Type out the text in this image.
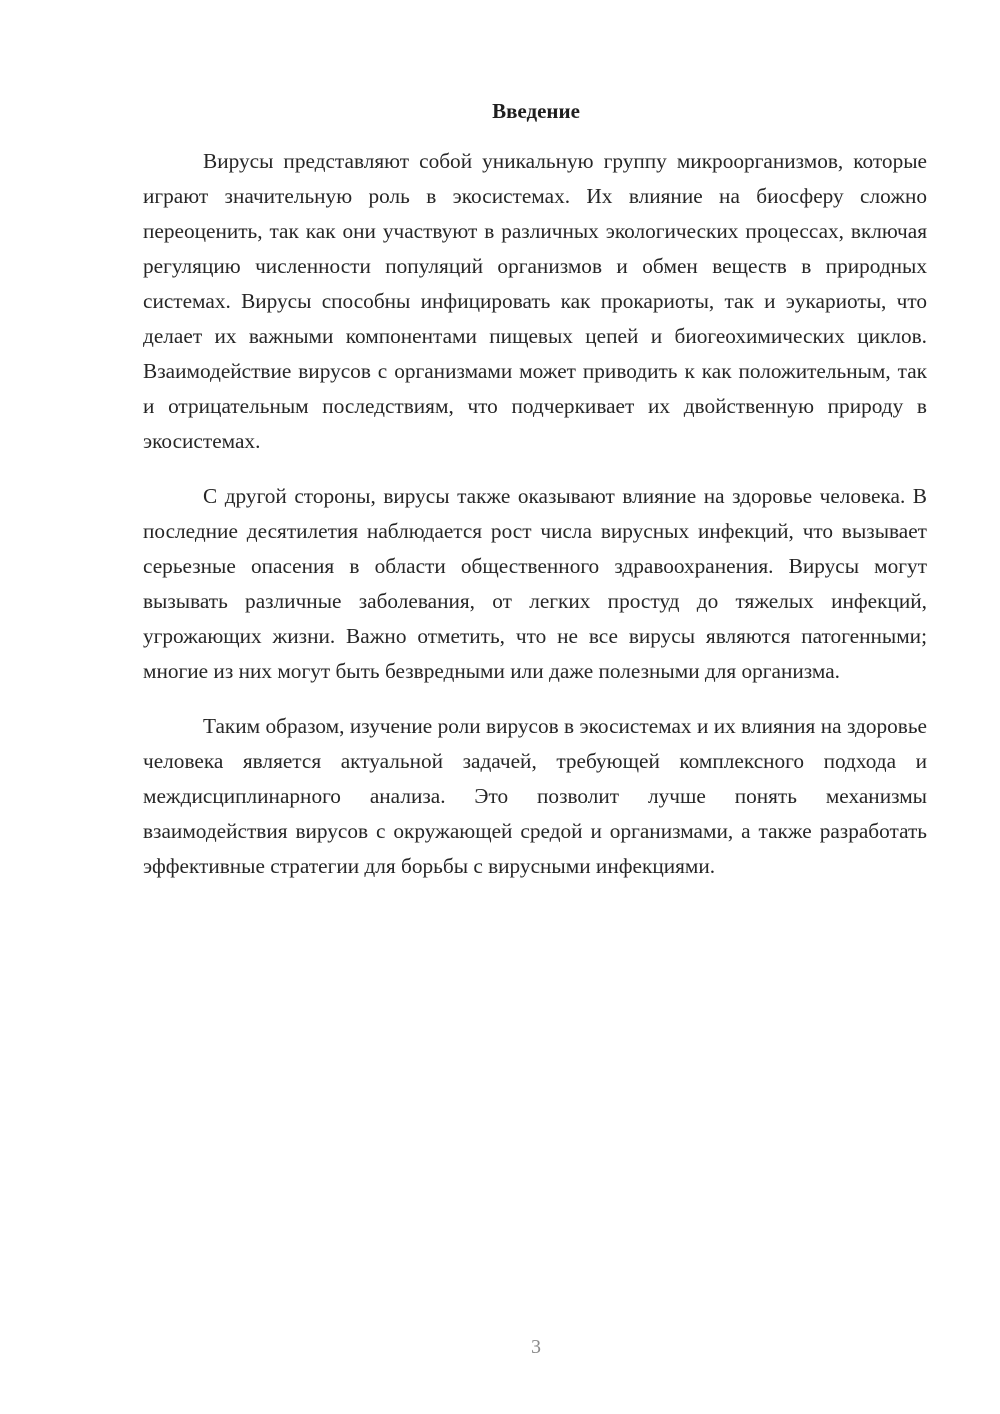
Введение

Вирусы представляют собой уникальную группу микроорганизмов, которые играют значительную роль в экосистемах. Их влияние на биосферу сложно переоценить, так как они участвуют в различных экологических процессах, включая регуляцию численности популяций организмов и обмен веществ в природных системах. Вирусы способны инфицировать как прокариоты, так и эукариоты, что делает их важными компонентами пищевых цепей и биогеохимических циклов. Взаимодействие вирусов с организмами может приводить к как положительным, так и отрицательным последствиям, что подчеркивает их двойственную природу в экосистемах.

С другой стороны, вирусы также оказывают влияние на здоровье человека. В последние десятилетия наблюдается рост числа вирусных инфекций, что вызывает серьезные опасения в области общественного здравоохранения. Вирусы могут вызывать различные заболевания, от легких простуд до тяжелых инфекций, угрожающих жизни. Важно отметить, что не все вирусы являются патогенными; многие из них могут быть безвредными или даже полезными для организма.

Таким образом, изучение роли вирусов в экосистемах и их влияния на здоровье человека является актуальной задачей, требующей комплексного подхода и междисциплинарного анализа. Это позволит лучше понять механизмы взаимодействия вирусов с окружающей средой и организмами, а также разработать эффективные стратегии для борьбы с вирусными инфекциями.

3
